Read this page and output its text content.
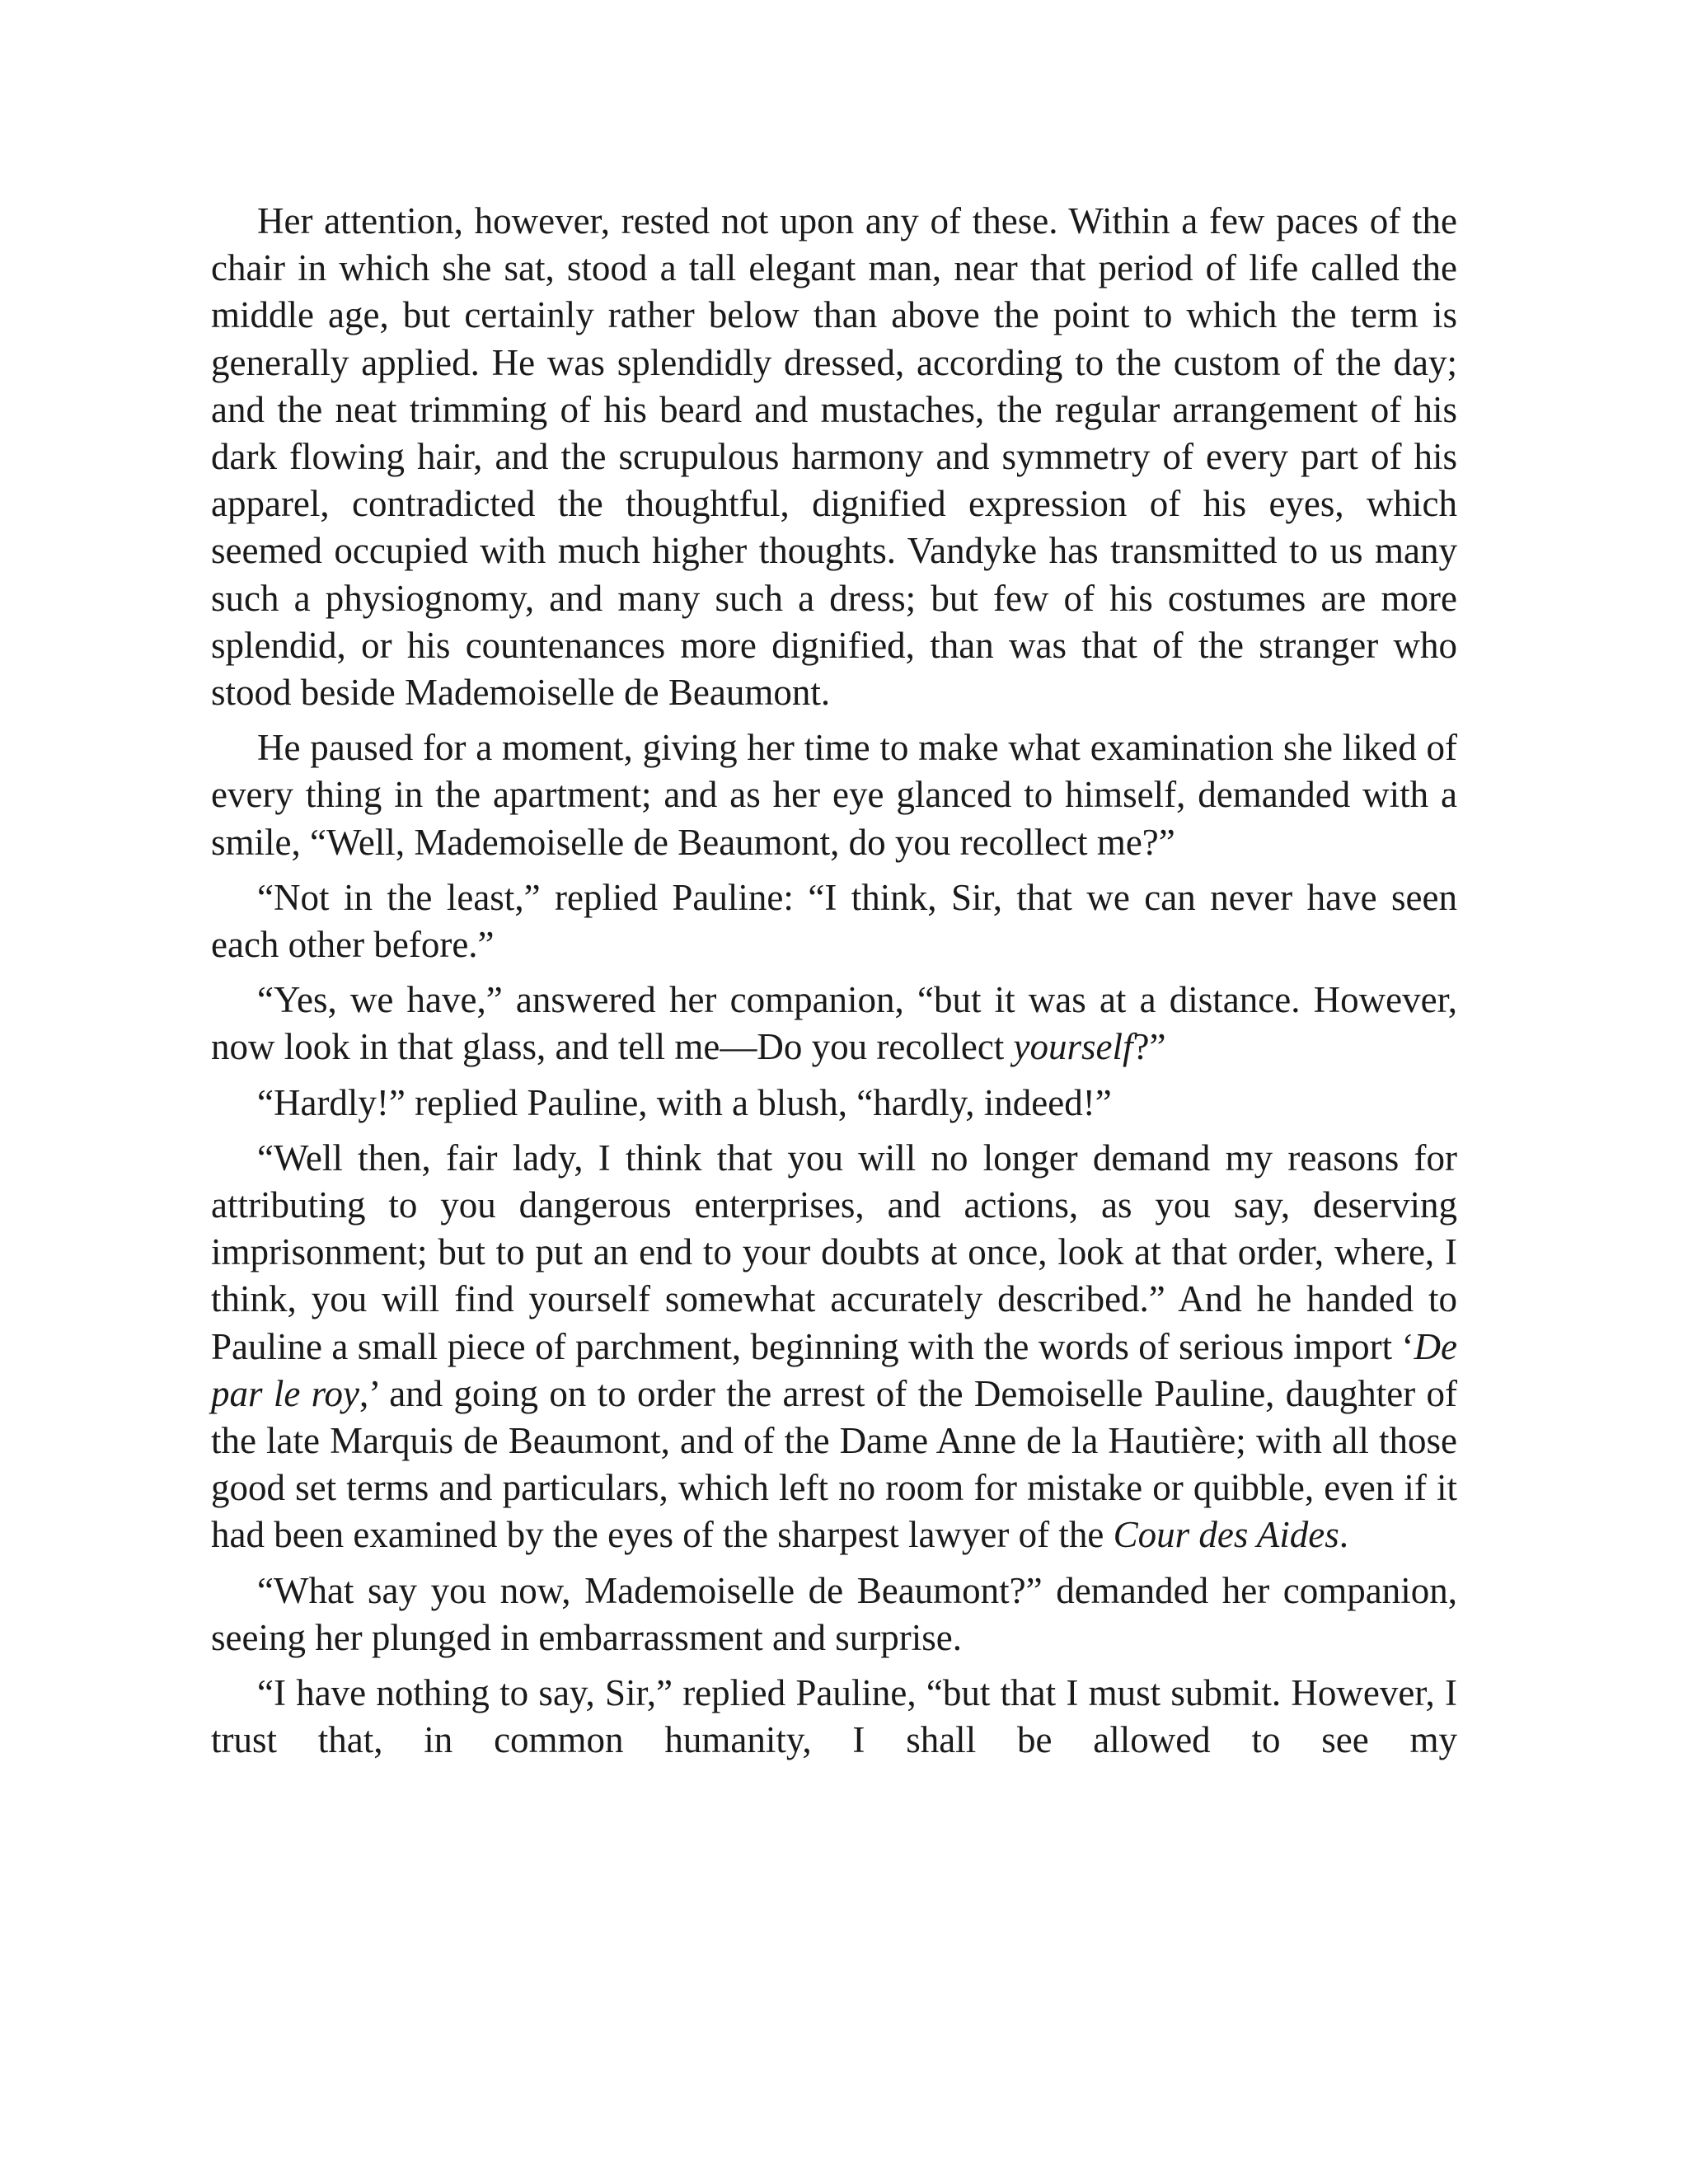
Her attention, however, rested not upon any of these. Within a few paces of the chair in which she sat, stood a tall elegant man, near that period of life called the middle age, but certainly rather below than above the point to which the term is generally applied. He was splendidly dressed, according to the custom of the day; and the neat trimming of his beard and mustaches, the regular arrangement of his dark flowing hair, and the scrupulous harmony and symmetry of every part of his apparel, contradicted the thoughtful, dignified expression of his eyes, which seemed occupied with much higher thoughts. Vandyke has transmitted to us many such a physiognomy, and many such a dress; but few of his costumes are more splendid, or his countenances more dignified, than was that of the stranger who stood beside Mademoiselle de Beaumont.

He paused for a moment, giving her time to make what examination she liked of every thing in the apartment; and as her eye glanced to himself, demanded with a smile, “Well, Mademoiselle de Beaumont, do you recollect me?”

“Not in the least,” replied Pauline: “I think, Sir, that we can never have seen each other before.”

“Yes, we have,” answered her companion, “but it was at a distance. However, now look in that glass, and tell me—Do you recollect yourself?”

“Hardly!” replied Pauline, with a blush, “hardly, indeed!”

“Well then, fair lady, I think that you will no longer demand my reasons for attributing to you dangerous enterprises, and actions, as you say, deserving imprisonment; but to put an end to your doubts at once, look at that order, where, I think, you will find yourself somewhat accurately described.” And he handed to Pauline a small piece of parchment, beginning with the words of serious import ‘De par le roy,’ and going on to order the arrest of the Demoiselle Pauline, daughter of the late Marquis de Beaumont, and of the Dame Anne de la Hautière; with all those good set terms and particulars, which left no room for mistake or quibble, even if it had been examined by the eyes of the sharpest lawyer of the Cour des Aides.

“What say you now, Mademoiselle de Beaumont?” demanded her companion, seeing her plunged in embarrassment and surprise.

“I have nothing to say, Sir,” replied Pauline, “but that I must submit. However, I trust that, in common humanity, I shall be allowed to see my
